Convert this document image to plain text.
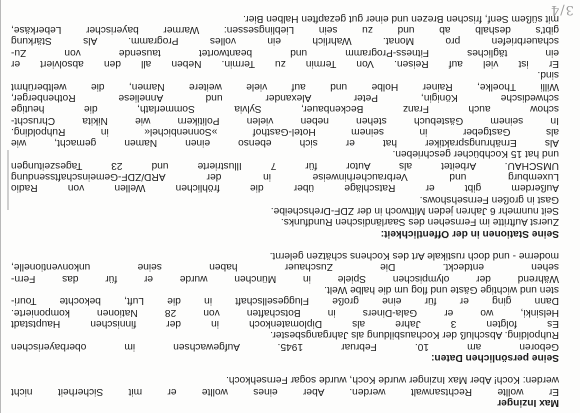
3/4
Max Inzinger
Er wollte Rechtsanwalt werden. Aber eines wollte er mit Sicherheit nicht
werden: Koch! Aber Max Inzinger wurde Koch, wurde sogar Fernsehkoch.
Seine persönlichen Daten:
Geboren am 10. Februar 1945. Aufgewachsen im oberbayerischen
Ruhpolding. Abschluß der Kochausbildung als Jahrgangsbester.
Es folgten 3 Jahre als Diplomatenkoch in der finnischen Hauptstadt
Helsinki, wo er Gala-Diners in Botschaften von 28 Nationen komponierte.
Dann ging er für eine große Fluggesellschaft in die Luft, bekochte Touri-
sten und wichtige Gäste und flog um die halbe Welt.
Während der olympischen Spiele in München wurde er für das Fern-
sehen entdeckt. Die Zuschauer haben seine unkonventionelle,
moderne - und doch rustikale Art des Kochens schätzen gelernt.
Seine Stationen in der Öffentlichkeit:
Zuerst Auftritte im Fernsehen des Saarländischen Rundfunks.
Seit nunmehr 6 Jahren jeden Mittwoch in der ZDF-Drehscheibe.
Gast in großen Fernsehshows.
Außerdem gibt er Ratschläge über die fröhlichen Wellen von Radio
Luxemburg und Verbraucherhinweise in der ARD/ZDF-Gemeinschaftssendung
UMSCHAU. Arbeitet als Autor für 7 Illustrierte und 23 Tageszeitungen
und hat 15 Kochbücher geschrieben.
Als Ernährungspraktiker hat er sich ebenso einen Namen gemacht, wie
als Gastgeber in seinem Hotel-Gasthof »Sonnenbichel« in Ruhpolding.
In seinem Gästebuch stehen neben vielen Politikern wie Nikita Chruscht-
schow auch Franz Beckenbauer, Sylvia Sommerlath, die heutige
schwedische Königin, Peter Alexander und Anneliese Rothenberger,
Willi Thoelke, Rainer Holbe und auf viele weitere Namen, die weltberühmt
sind.
Er ist viel auf Reisen. Von Termin zu Termin. Neben all den absolviert er
ein tägliches Fitness-Programm und beantwortet tausende von Zu-
schauerbriefen pro Monat. Wahrlich ein volles Programm. Als Stärkung
gibt's deshalb ab und zu sein Lieblingsessen: Warmer bayerischer Leberkäse,
mit süßem Senf, frischen Brezen und einer gut gezapften Halben Bier.
